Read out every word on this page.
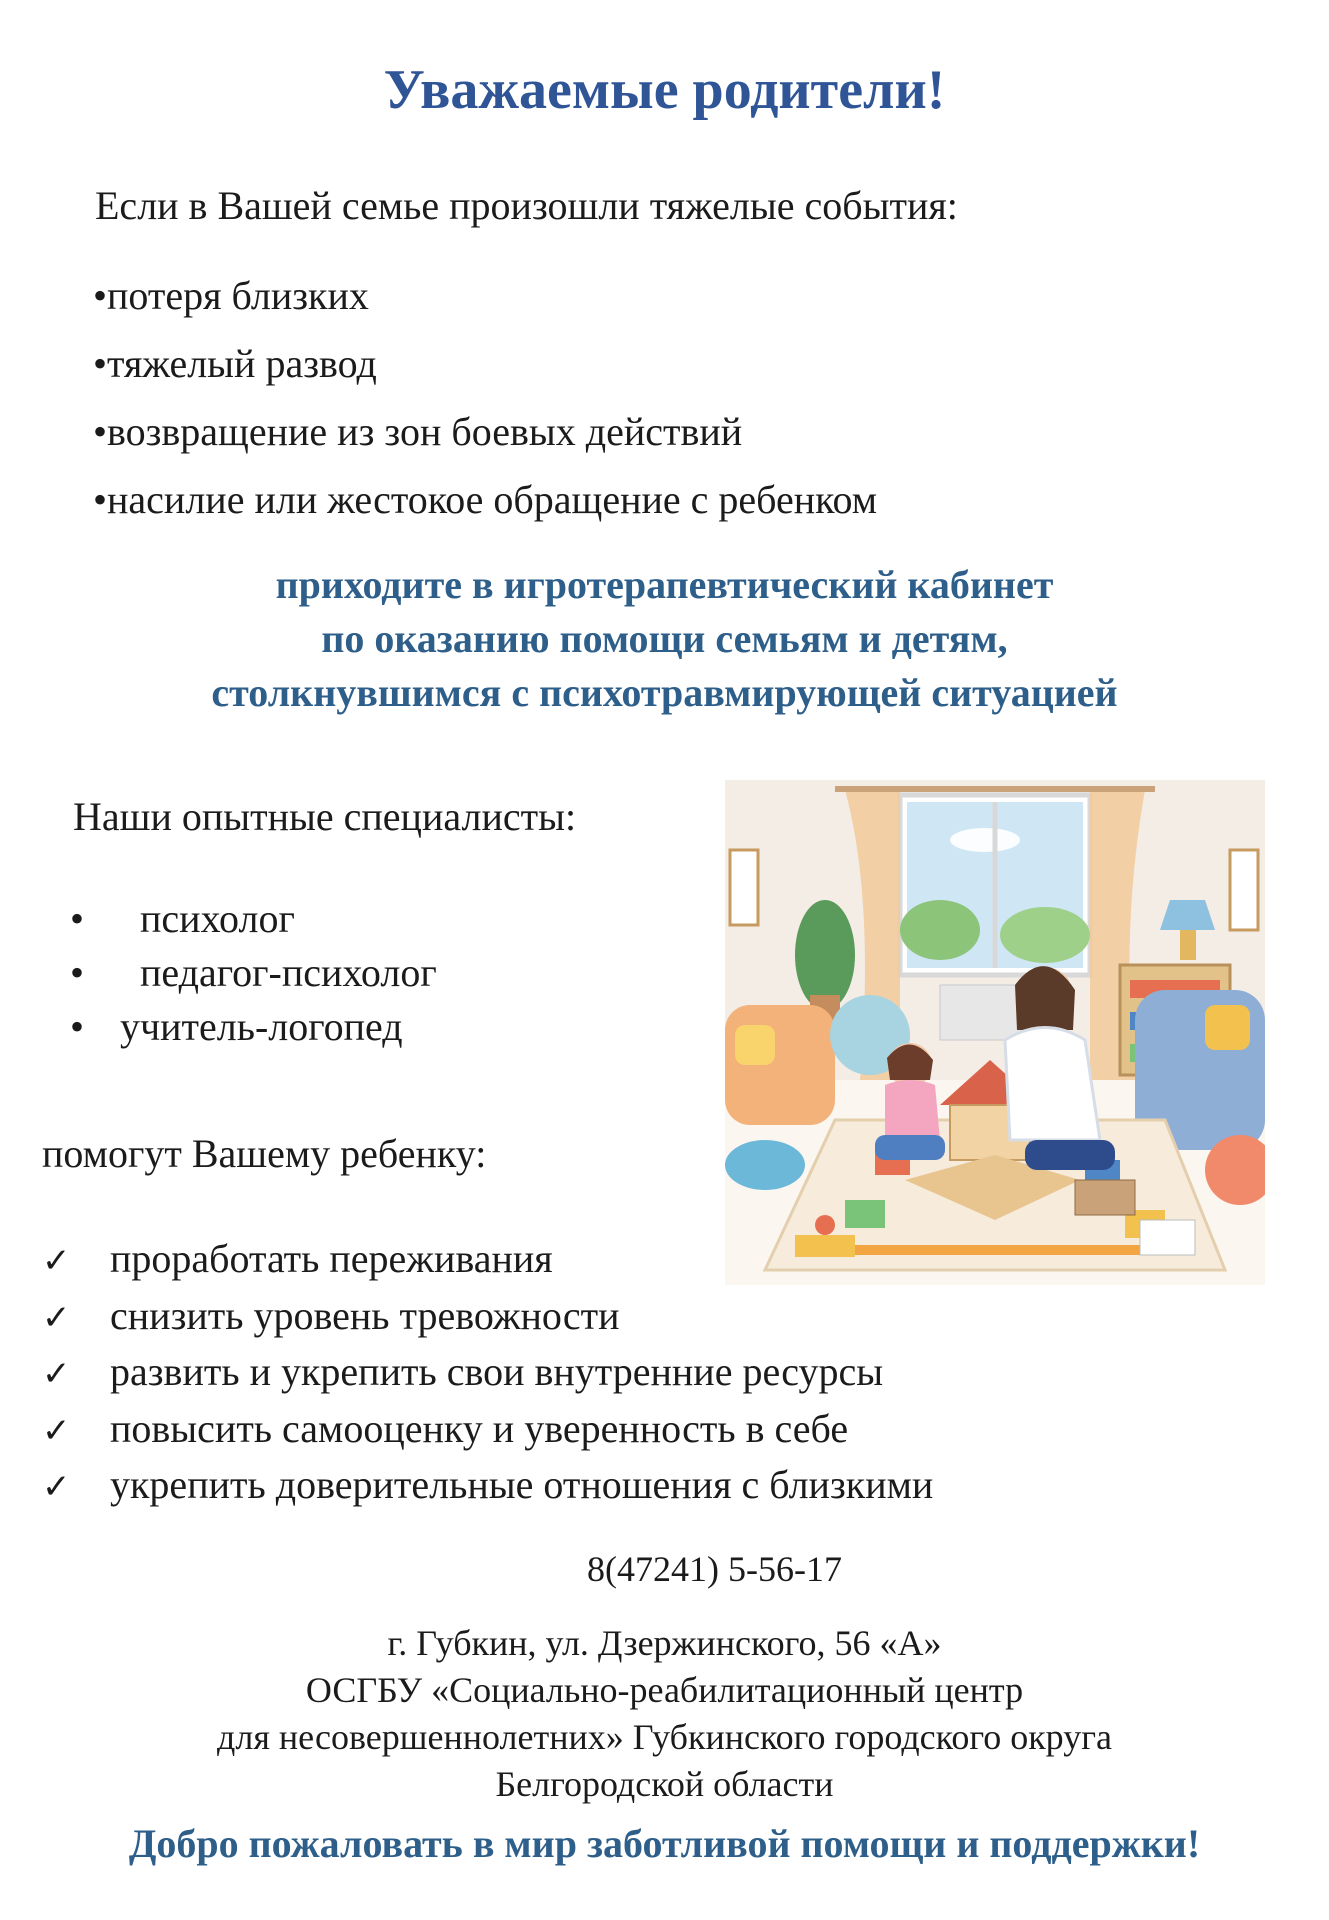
Уважаемые родители!
Если в Вашей семье произошли тяжелые события:
•потеря близких
•тяжелый развод
•возвращение из зон боевых действий
•насилие или жестокое обращение с ребенком
приходите в игротерапевтический кабинет
по оказанию помощи семьям и детям,
столкнувшимся с психотравмирующей ситуацией
Наши опытные специалисты:
•	психолог
•	педагог-психолог
• учитель-логопед
помогут Вашему ребенку:
✓ проработать переживания
✓ снизить уровень тревожности
✓ развить и укрепить свои внутренние ресурсы
✓ повысить самооценку и уверенность в себе
✓ укрепить доверительные отношения с близкими
8(47241) 5-56-17
г. Губкин, ул. Дзержинского, 56 «А»
ОСГБУ «Социально-реабилитационный центр
для несовершеннолетних» Губкинского городского округа
Белгородской области
Добро пожаловать в мир заботливой помощи и поддержки!
